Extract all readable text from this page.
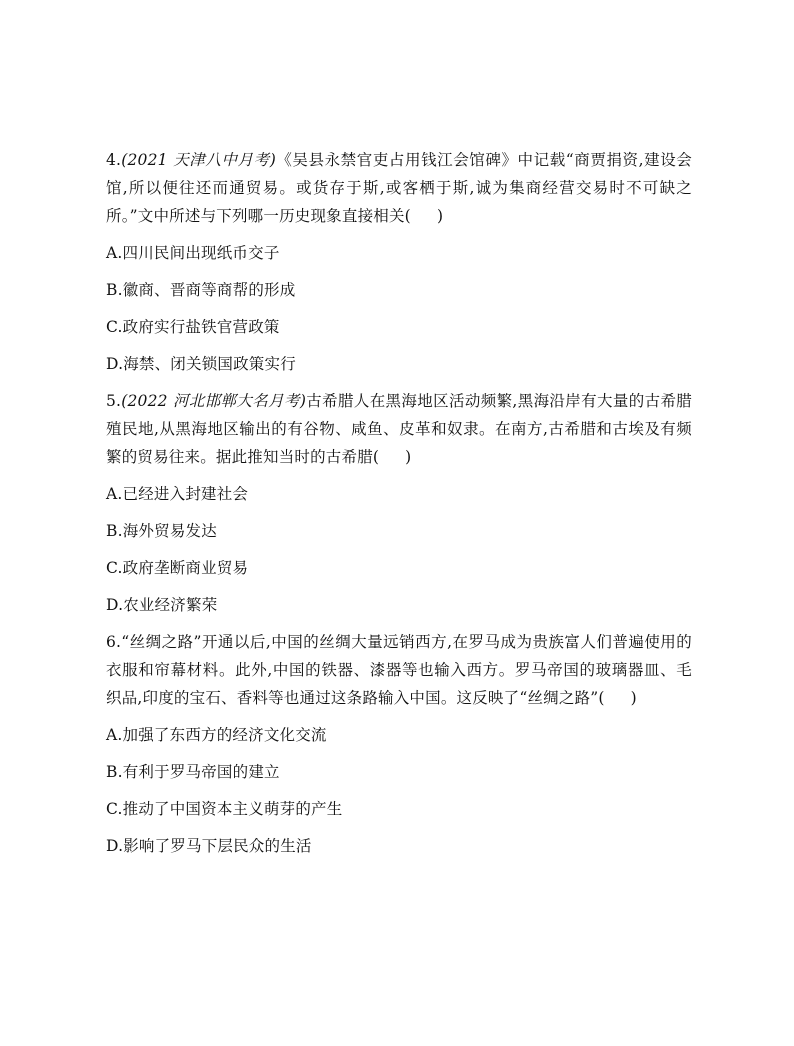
4.(2021 天津八中月考)《吴县永禁官吏占用钱江会馆碑》中记载“商贾捐资,建设会馆,所以便往还而通贸易。或货存于斯,或客栖于斯,诚为集商经营交易时不可缺之所。”文中所述与下列哪一历史现象直接相关( )

A.四川民间出现纸币交子

B.徽商、晋商等商帮的形成

C.政府实行盐铁官营政策

D.海禁、闭关锁国政策实行

5.(2022 河北邯郸大名月考)古希腊人在黑海地区活动频繁,黑海沿岸有大量的古希腊殖民地,从黑海地区输出的有谷物、咸鱼、皮革和奴隶。在南方,古希腊和古埃及有频繁的贸易往来。据此推知当时的古希腊( )

A.已经进入封建社会

B.海外贸易发达

C.政府垄断商业贸易

D.农业经济繁荣

6.“丝绸之路”开通以后,中国的丝绸大量远销西方,在罗马成为贵族富人们普遍使用的衣服和帘幕材料。此外,中国的铁器、漆器等也输入西方。罗马帝国的玻璃器皿、毛织品,印度的宝石、香料等也通过这条路输入中国。这反映了“丝绸之路”( )

A.加强了东西方的经济文化交流

B.有利于罗马帝国的建立

C.推动了中国资本主义萌芽的产生

D.影响了罗马下层民众的生活
